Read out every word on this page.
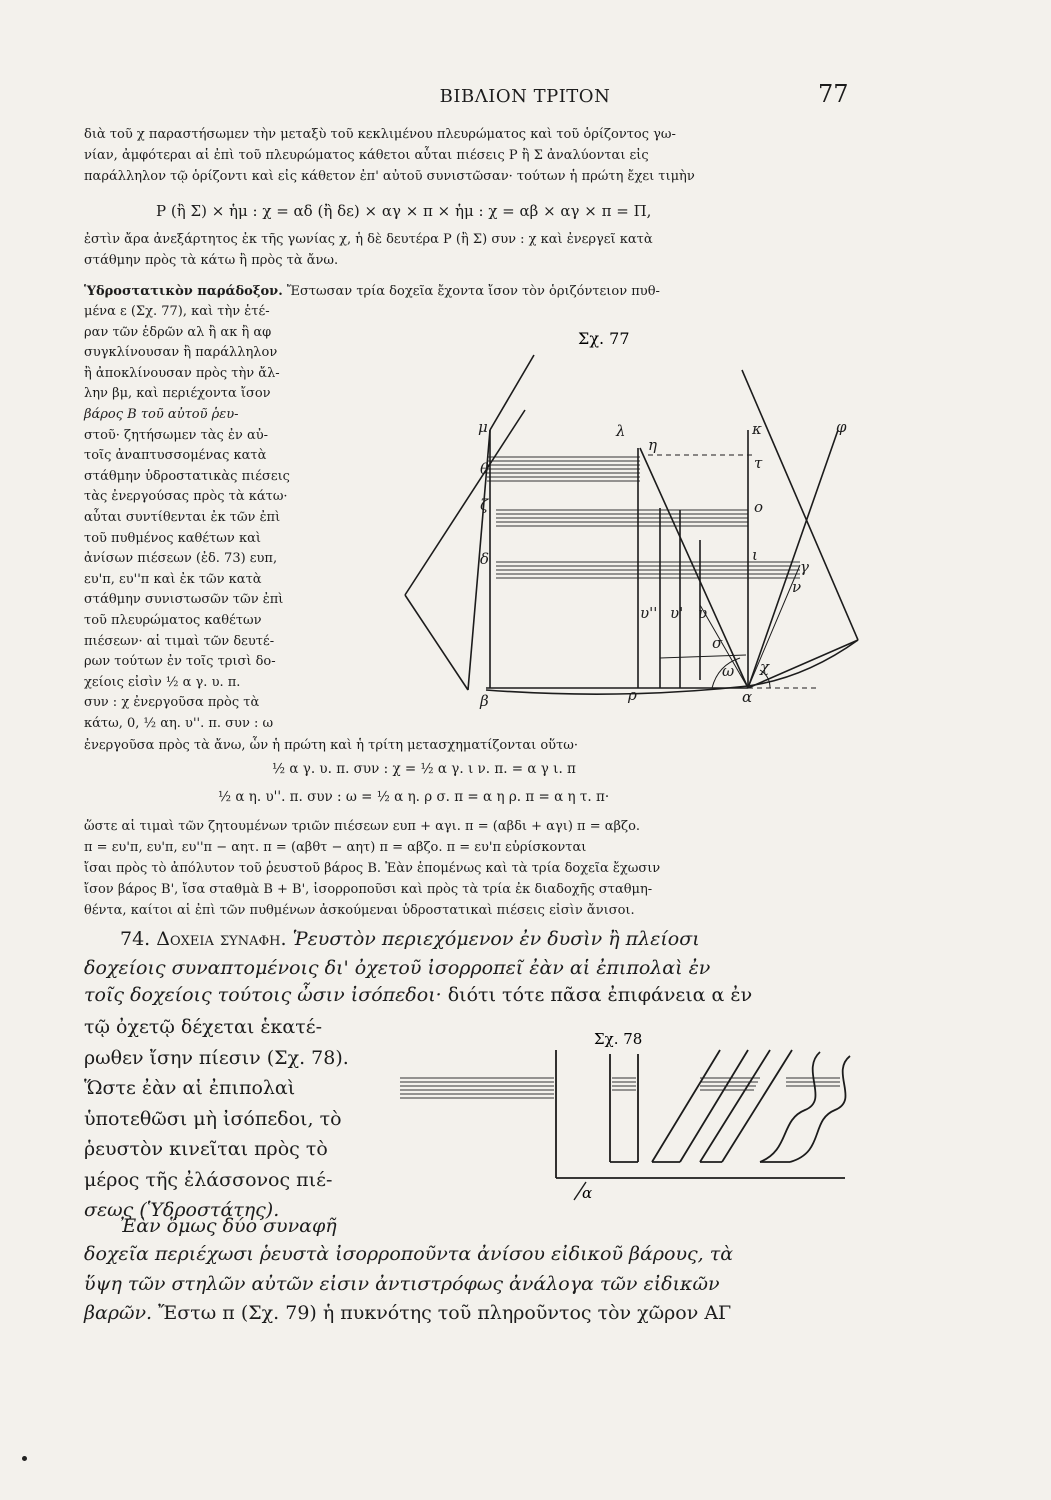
ΒΙΒΛΙΟΝ ΤΡΙΤΟΝ	77
διὰ τοῦ χ παραστήσωμεν τὴν μεταξὺ τοῦ κεκλιμένου πλευρώματος καὶ τοῦ ὁρίζοντος γω-
νίαν, ἀμφότεραι αἱ ἐπὶ τοῦ πλευρώματος κάθετοι αὗται πιέσεις Ρ ἢ Σ ἀναλύονται εἰς
παράλληλον τῷ ὁρίζοντι καὶ εἰς κάθετον ἐπ' αὐτοῦ συνιστῶσαν· τούτων ἡ πρώτη ἔχει τιμὴν
Ρ (ἢ Σ) × ἡμ : χ = αδ (ἢ δε) × αγ × π × ἡμ : χ = αβ × αγ × π = Π,
ἐστὶν ἄρα ἀνεξάρτητος ἐκ τῆς γωνίας χ, ἡ δὲ δευτέρα Ρ (ἢ Σ) συν : χ καὶ ἐνεργεῖ κατὰ
στάθμην πρὸς τὰ κάτω ἢ πρὸς τὰ ἄνω.
Ὑδροστατικὸν παράδοξον. Ἔστωσαν τρία δοχεῖα ἔχοντα ἴσον τὸν ὁριζόντειον πυθ-
μένα ε (Σχ. 77), καὶ τὴν ἑτέ-
ραν τῶν ἑδρῶν αλ ἢ ακ ἢ αφ
συγκλίνουσαν ἢ παράλληλον
ἢ ἀποκλίνουσαν πρὸς τὴν ἄλ-
λην βμ, καὶ περιέχοντα ἴσον
βάρος Β τοῦ αὐτοῦ ῥευ-
στοῦ· ζητήσωμεν τὰς ἐν αὐ-
τοῖς ἀναπτυσσομένας κατὰ
στάθμην ὑδροστατικὰς πιέσεις
τὰς ἐνεργούσας πρὸς τὰ κάτω·
αὗται συντίθενται ἐκ τῶν ἐπὶ
τοῦ πυθμένος καθέτων καὶ
ἀνίσων πιέσεων (ἐδ. 73) ευπ,
ευ'π, ευ''π καὶ ἐκ τῶν κατὰ
στάθμην συνιστωσῶν τῶν ἐπὶ
τοῦ πλευρώματος καθέτων
πιέσεων· αἱ τιμαὶ τῶν δευτέ-
ρων τούτων ἐν τοῖς τρισὶ δο-
χείοις εἰσὶν ½ α γ. υ. π.
συν : χ ἐνεργοῦσα πρὸς τὰ
κάτω, 0, ½ αη. υ''. π. συν : ω
Σχ. 77
μ	λ
η
κ	φ
θ	τ
ζ	ο
δ	ι
γ
ν
υ'' υ' υ
σ
ω χ
β	ρ	α
ἐνεργοῦσα πρὸς τὰ ἄνω, ὧν ἡ πρώτη καὶ ἡ τρίτη μετασχηματίζονται οὕτω·
½ α γ. υ. π. συν : χ = ½ α γ. ι ν. π. = α γ ι. π
½ α η. υ''. π. συν : ω = ½ α η. ρ σ. π = α η ρ. π = α η τ. π·
ὥστε αἱ τιμαὶ τῶν ζητουμένων τριῶν πιέσεων ευπ + αγι. π = (αβδι + αγι) π = αβζο.
π = ευ'π, ευ'π, ευ''π − αητ. π = (αβθτ − αητ) π = αβζο. π = ευ'π εὑρίσκονται
ἴσαι πρὸς τὸ ἀπόλυτον τοῦ ῥευστοῦ βάρος Β. Ἐὰν ἑπομένως καὶ τὰ τρία δοχεῖα ἔχωσιν
ἴσον βάρος Β', ἴσα σταθμὰ Β + Β', ἰσορροποῦσι καὶ πρὸς τὰ τρία ἐκ διαδοχῆς σταθμη-
θέντα, καίτοι αἱ ἐπὶ τῶν πυθμένων ἀσκούμεναι ὑδροστατικαὶ πιέσεις εἰσὶν ἄνισοι.
74. Δοχεια συναφη. Ῥευστὸν περιεχόμενον ἐν δυσὶν ἢ πλείοσι
δοχείοις συναπτομένοις δι' ὀχετοῦ ἰσορροπεῖ ἐὰν αἱ ἐπιπολαὶ ἐν
τοῖς δοχείοις τούτοις ὦσιν ἰσόπεδοι· διότι τότε πᾶσα ἐπιφάνεια α ἐν
τῷ ὀχετῷ δέχεται ἑκατέ-
ρωθεν ἴσην πίεσιν (Σχ. 78).
Ὥστε ἐὰν αἱ ἐπιπολαὶ
ὑποτεθῶσι μὴ ἰσόπεδοι, τὸ
ῥευστὸν κινεῖται πρὸς τὸ
μέρος τῆς ἐλάσσονος πιέ-
σεως (Ὑδροστάτης).
Σχ. 78
α
Ἐὰν ὅμως δύο συναφῆ
δοχεῖα περιέχωσι ῥευστὰ ἰσορροποῦντα ἀνίσου εἰδικοῦ βάρους, τὰ
ὕψη τῶν στηλῶν αὐτῶν εἰσιν ἀντιστρόφως ἀνάλογα τῶν εἰδικῶν
βαρῶν. Ἔστω π (Σχ. 79) ἡ πυκνότης τοῦ πληροῦντος τὸν χῶρον ΑΓ
